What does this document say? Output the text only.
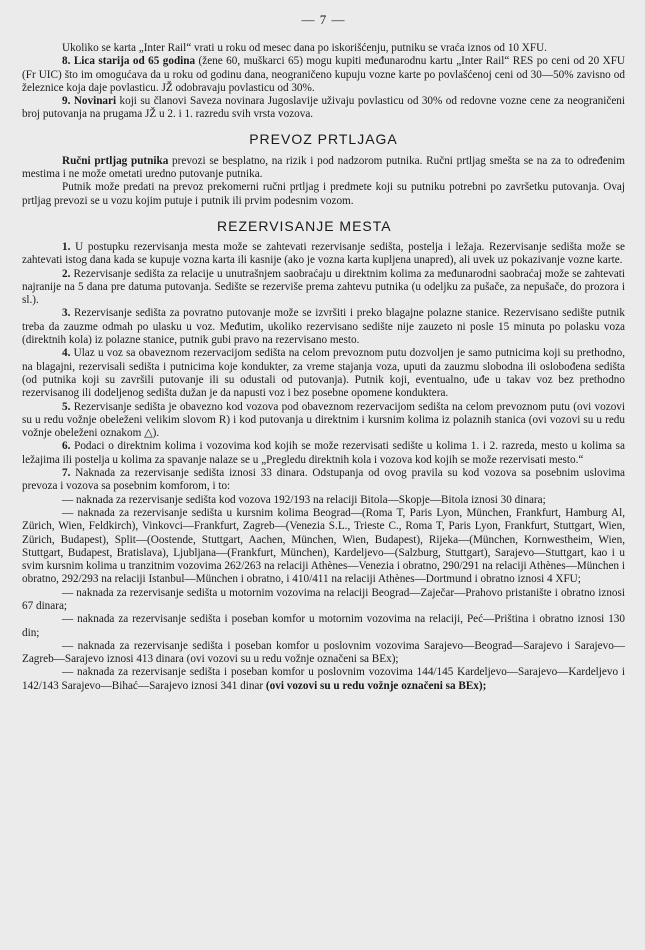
— 7 —

Ukoliko se karta „Inter Rail“ vrati u roku od mesec dana po iskorišćenju, putniku se vraća iznos od 10 XFU.

8. Lica starija od 65 godina (žene 60, muškarci 65) mogu kupiti međunarodnu kartu „Inter Rail“ RES po ceni od 20 XFU (Fr UIC) što im omogućava da u roku od godinu dana, neograničeno kupuju vozne karte po povlašćenoj ceni od 30—50% zavisno od železnice koja daje povlasticu. JŽ odobravaju povlasticu od 30%.

9. Novinari koji su članovi Saveza novinara Jugoslavije uživaju povlasticu od 30% od redovne vozne cene za neograničeni broj putovanja na prugama JŽ u 2. i 1. razredu svih vrsta vozova.

PREVOZ PRTLJAGA

Ručni prtljag putnika prevozi se besplatno, na rizik i pod nadzorom putnika. Ručni prtljag smešta se na za to određenim mestima i ne može ometati uredno putovanje putnika.

Putnik može predati na prevoz prekomerni ručni prtljag i predmete koji su putniku potrebni po završetku putovanja. Ovaj prtljag prevozi se u vozu kojim putuje i putnik ili prvim podesnim vozom.

REZERVISANJE MESTA

1. U postupku rezervisanja mesta može se zahtevati rezervisanje sedišta, postelja i ležaja. Rezervisanje sedišta može se zahtevati istog dana kada se kupuje vozna karta ili kasnije (ako je vozna karta kupljena unapred), ali uvek uz pokazivanje vozne karte.

2. Rezervisanje sedišta za relacije u unutrašnjem saobraćaju u direktnim kolima za međunarodni saobraćaj može se zahtevati najranije na 5 dana pre datuma putovanja. Sedište se rezerviše prema zahtevu putnika (u odeljku za pušače, za nepušače, do prozora i sl.).

3. Rezervisanje sedišta za povratno putovanje može se izvršiti i preko blagajne polazne stanice. Rezervisano sedište putnik treba da zauzme odmah po ulasku u voz. Međutim, ukoliko rezervisano sedište nije zauzeto ni posle 15 minuta po polasku voza (direktnih kola) iz polazne stanice, putnik gubi pravo na rezervisano mesto.

4. Ulaz u voz sa obaveznom rezervacijom sedišta na celom prevoznom putu dozvoljen je samo putnicima koji su prethodno, na blagajni, rezervisali sedišta i putnicima koje kondukter, za vreme stajanja voza, uputi da zauzmu slobodna ili oslobođena sedišta (od putnika koji su završili putovanje ili su odustali od putovanja). Putnik koji, eventualno, uđe u takav voz bez prethodno rezervisanog ili dodeljenog sedišta dužan je da napusti voz i bez posebne opomene konduktera.

5. Rezervisanje sedišta je obavezno kod vozova pod obaveznom rezervacijom sedišta na celom prevoznom putu (ovi vozovi su u redu vožnje obeleženi velikim slovom R) i kod putovanja u direktnim i kursnim kolima iz polaznih stanica (ovi vozovi su u redu vožnje obeleženi oznakom △).

6. Podaci o direktnim kolima i vozovima kod kojih se može rezervisati sedište u kolima 1. i 2. razreda, mesto u kolima sa ležajima ili postelja u kolima za spavanje nalaze se u „Pregledu direktnih kola i vozova kod kojih se može rezervisati mesto.“

7. Naknada za rezervisanje sedišta iznosi 33 dinara. Odstupanja od ovog pravila su kod vozova sa posebnim uslovima prevoza i vozova sa posebnim komforom, i to:

— naknada za rezervisanje sedišta kod vozova 192/193 na relaciji Bitola—Skopje—Bitola iznosi 30 dinara;

— naknada za rezervisanje sedišta u kursnim kolima Beograd—(Roma T, Paris Lyon, München, Frankfurt, Hamburg Al, Zürich, Wien, Feldkirch), Vinkovci—Frankfurt, Zagreb—(Venezia S.L., Trieste C., Roma T, Paris Lyon, Frankfurt, Stuttgart, Wien, Zürich, Budapest), Split—(Oostende, Stuttgart, Aachen, München, Wien, Budapest), Rijeka—(München, Kornwestheim, Wien, Stuttgart, Budapest, Bratislava), Ljubljana—(Frankfurt, München), Kardeljevo—(Salzburg, Stuttgart), Sarajevo—Stuttgart, kao i u svim kursnim kolima u tranzitnim vozovima 262/263 na relaciji Athènes—Venezia i obratno, 290/291 na relaciji Athènes—München i obratno, 292/293 na relaciji Istanbul—München i obratno, i 410/411 na relaciji Athènes—Dortmund i obratno iznosi 4 XFU;

— naknada za rezervisanje sedišta u motornim vozovima na relaciji Beograd—Zaječar—Prahovo pristanište i obratno iznosi 67 dinara;

— naknada za rezervisanje sedišta i poseban komfor u motornim vozovima na relaciji, Peć—Priština i obratno iznosi 130 din;

— naknada za rezervisanje sedišta i poseban komfor u poslovnim vozovima Sarajevo—Beograd—Sarajevo i Sarajevo—Zagreb—Sarajevo iznosi 413 dinara (ovi vozovi su u redu vožnje označeni sa BEx);

— naknada za rezervisanje sedišta i poseban komfor u poslovnim vozovima 144/145 Kardeljevo—Sarajevo—Kardeljevo i 142/143 Sarajevo—Bihać—Sarajevo iznosi 341 dinar (ovi vozovi su u redu vožnje označeni sa BEx);
